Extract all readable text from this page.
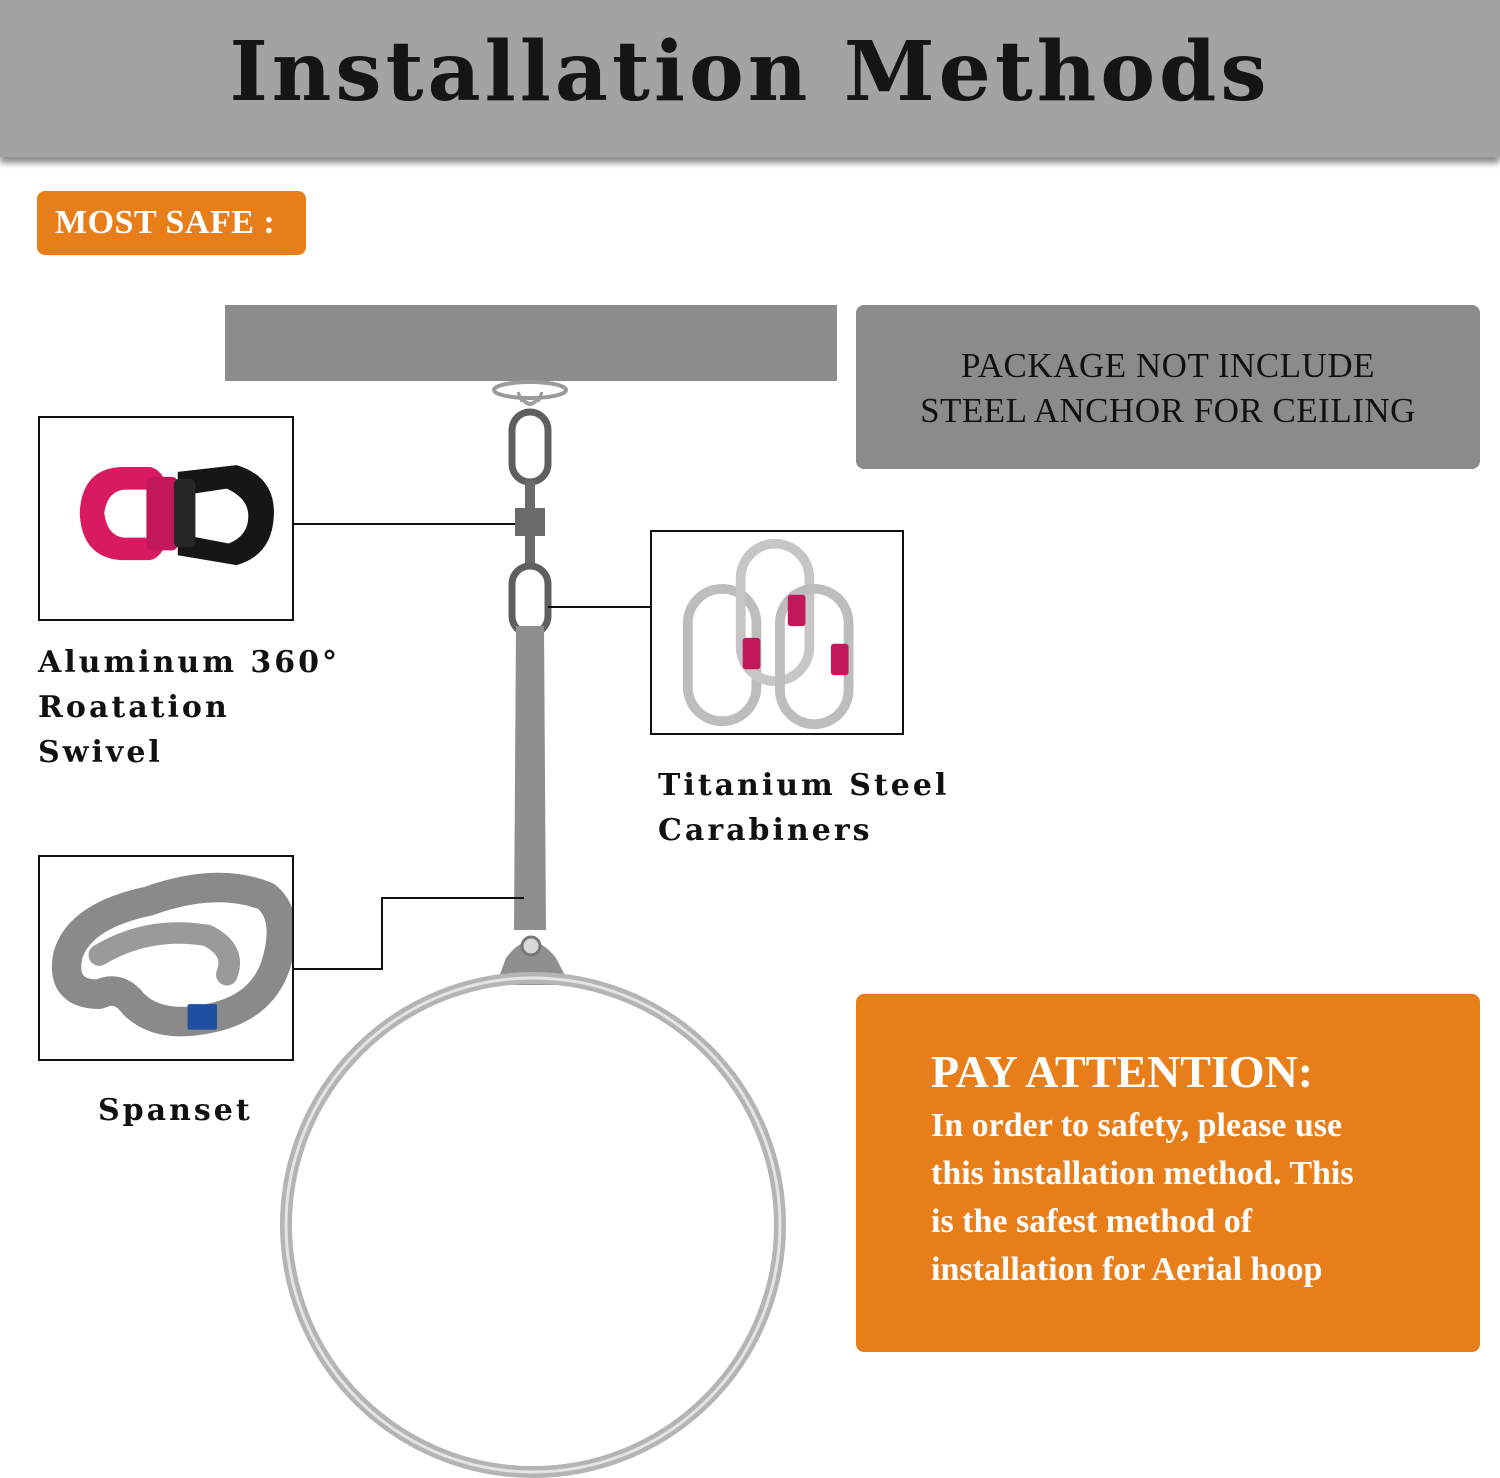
Installation Methods
MOST SAFE :
PACKAGE NOT INCLUDE
STEEL ANCHOR FOR CEILING
Aluminum 360°
Roatation
Swivel
Titanium Steel
Carabiners
Spanset
PAY ATTENTION:
In order to safety, please use
this installation method. This
is the safest method of
installation for Aerial hoop
